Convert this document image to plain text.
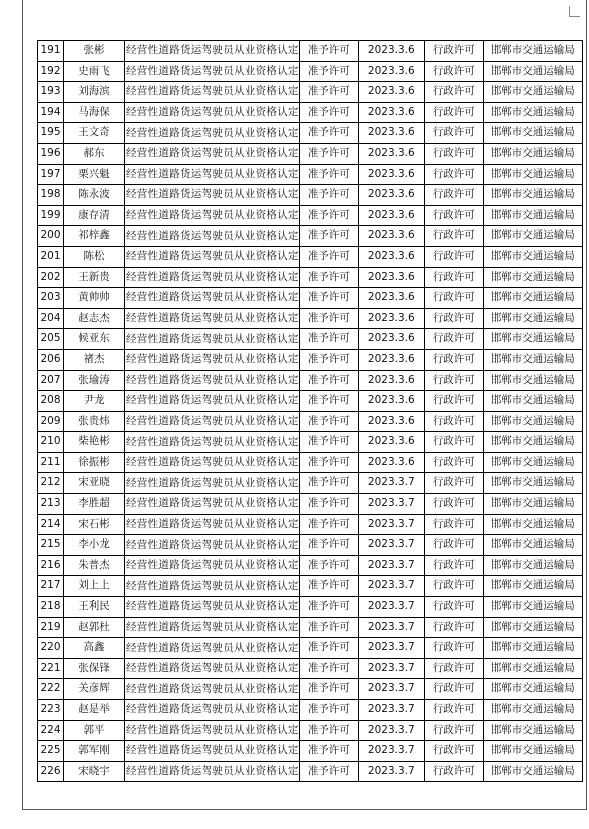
191	张彬	经营性道路货运驾驶员从业资格认定	准予许可	2023.3.6	行政许可	邯郸市交通运输局
192	史雨飞	经营性道路货运驾驶员从业资格认定	准予许可	2023.3.6	行政许可	邯郸市交通运输局
193	刘海滨	经营性道路货运驾驶员从业资格认定	准予许可	2023.3.6	行政许可	邯郸市交通运输局
194	马海保	经营性道路货运驾驶员从业资格认定	准予许可	2023.3.6	行政许可	邯郸市交通运输局
195	王文奇	经营性道路货运驾驶员从业资格认定	准予许可	2023.3.6	行政许可	邯郸市交通运输局
196	郝东	经营性道路货运驾驶员从业资格认定	准予许可	2023.3.6	行政许可	邯郸市交通运输局
197	栗兴魁	经营性道路货运驾驶员从业资格认定	准予许可	2023.3.6	行政许可	邯郸市交通运输局
198	陈永波	经营性道路货运驾驶员从业资格认定	准予许可	2023.3.6	行政许可	邯郸市交通运输局
199	康存清	经营性道路货运驾驶员从业资格认定	准予许可	2023.3.6	行政许可	邯郸市交通运输局
200	祁梓鑫	经营性道路货运驾驶员从业资格认定	准予许可	2023.3.6	行政许可	邯郸市交通运输局
201	陈松	经营性道路货运驾驶员从业资格认定	准予许可	2023.3.6	行政许可	邯郸市交通运输局
202	王新贵	经营性道路货运驾驶员从业资格认定	准予许可	2023.3.6	行政许可	邯郸市交通运输局
203	黄帅帅	经营性道路货运驾驶员从业资格认定	准予许可	2023.3.6	行政许可	邯郸市交通运输局
204	赵志杰	经营性道路货运驾驶员从业资格认定	准予许可	2023.3.6	行政许可	邯郸市交通运输局
205	候亚东	经营性道路货运驾驶员从业资格认定	准予许可	2023.3.6	行政许可	邯郸市交通运输局
206	禇杰	经营性道路货运驾驶员从业资格认定	准予许可	2023.3.6	行政许可	邯郸市交通运输局
207	张瑜涛	经营性道路货运驾驶员从业资格认定	准予许可	2023.3.6	行政许可	邯郸市交通运输局
208	尹龙	经营性道路货运驾驶员从业资格认定	准予许可	2023.3.6	行政许可	邯郸市交通运输局
209	张贵炜	经营性道路货运驾驶员从业资格认定	准予许可	2023.3.6	行政许可	邯郸市交通运输局
210	柴艳彬	经营性道路货运驾驶员从业资格认定	准予许可	2023.3.6	行政许可	邯郸市交通运输局
211	徐振彬	经营性道路货运驾驶员从业资格认定	准予许可	2023.3.6	行政许可	邯郸市交通运输局
212	宋亚晓	经营性道路货运驾驶员从业资格认定	准予许可	2023.3.7	行政许可	邯郸市交通运输局
213	李胜超	经营性道路货运驾驶员从业资格认定	准予许可	2023.3.7	行政许可	邯郸市交通运输局
214	宋石彬	经营性道路货运驾驶员从业资格认定	准予许可	2023.3.7	行政许可	邯郸市交通运输局
215	李小龙	经营性道路货运驾驶员从业资格认定	准予许可	2023.3.7	行政许可	邯郸市交通运输局
216	朱普杰	经营性道路货运驾驶员从业资格认定	准予许可	2023.3.7	行政许可	邯郸市交通运输局
217	刘上上	经营性道路货运驾驶员从业资格认定	准予许可	2023.3.7	行政许可	邯郸市交通运输局
218	王利民	经营性道路货运驾驶员从业资格认定	准予许可	2023.3.7	行政许可	邯郸市交通运输局
219	赵郭杜	经营性道路货运驾驶员从业资格认定	准予许可	2023.3.7	行政许可	邯郸市交通运输局
220	高鑫	经营性道路货运驾驶员从业资格认定	准予许可	2023.3.7	行政许可	邯郸市交通运输局
221	张保锋	经营性道路货运驾驶员从业资格认定	准予许可	2023.3.7	行政许可	邯郸市交通运输局
222	关彦辉	经营性道路货运驾驶员从业资格认定	准予许可	2023.3.7	行政许可	邯郸市交通运输局
223	赵是举	经营性道路货运驾驶员从业资格认定	准予许可	2023.3.7	行政许可	邯郸市交通运输局
224	郭平	经营性道路货运驾驶员从业资格认定	准予许可	2023.3.7	行政许可	邯郸市交通运输局
225	郭军刚	经营性道路货运驾驶员从业资格认定	准予许可	2023.3.7	行政许可	邯郸市交通运输局
226	宋晓宇	经营性道路货运驾驶员从业资格认定	准予许可	2023.3.7	行政许可	邯郸市交通运输局
